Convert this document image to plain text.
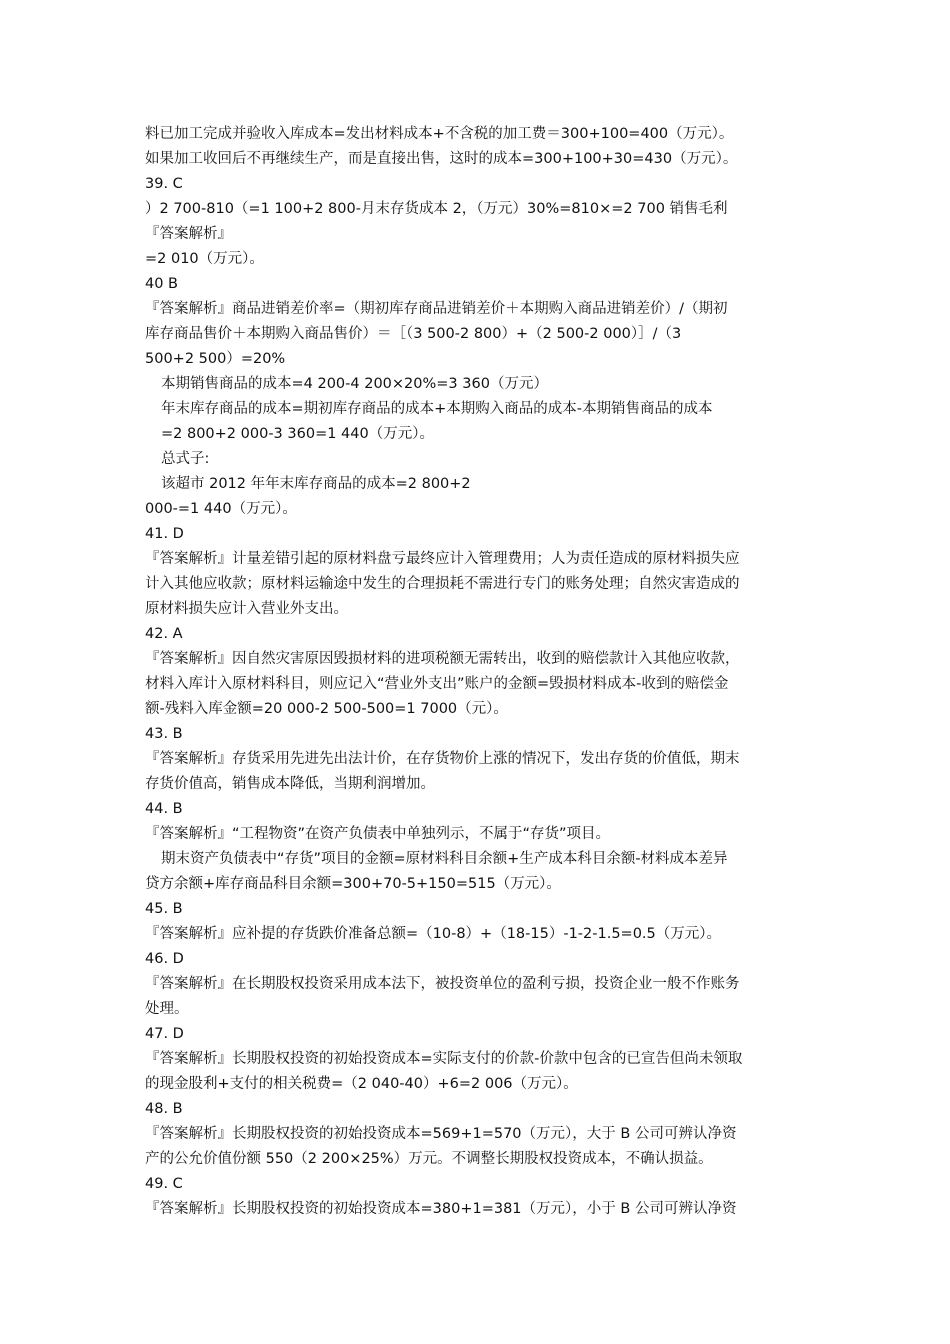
料已加工完成并验收入库成本=发出材料成本+不含税的加工费＝300+100=400（万元）。
如果加工收回后不再继续生产，而是直接出售，这时的成本=300+100+30=430（万元）。
39. C
）2 700-810（=1 100+2 800-月末存货成本 2，（万元）30%=810×=2 700 销售毛利
『答案解析』
=2 010（万元）。
40 B
『答案解析』商品进销差价率=（期初库存商品进销差价＋本期购入商品进销差价）/（期初
库存商品售价＋本期购入商品售价）＝［（3 500-2 800）+（2 500-2 000）］/（3
500+2 500）=20%
本期销售商品的成本=4 200-4 200×20%=3 360（万元）
年末库存商品的成本=期初库存商品的成本+本期购入商品的成本-本期销售商品的成本
=2 800+2 000-3 360=1 440（万元）。
总式子:
该超市 2012 年年末库存商品的成本=2 800+2
000-=1 440（万元）。
41. D
『答案解析』计量差错引起的原材料盘亏最终应计入管理费用；人为责任造成的原材料损失应
计入其他应收款；原材料运输途中发生的合理损耗不需进行专门的账务处理；自然灾害造成的
原材料损失应计入营业外支出。
42. A
『答案解析』因自然灾害原因毁损材料的进项税额无需转出，收到的赔偿款计入其他应收款，
材料入库计入原材料科目，则应记入“营业外支出”账户的金额=毁损材料成本-收到的赔偿金
额-残料入库金额=20 000-2 500-500=1 7000（元）。
43. B
『答案解析』存货采用先进先出法计价，在存货物价上涨的情况下，发出存货的价值低，期末
存货价值高，销售成本降低，当期利润增加。
44. B
『答案解析』“工程物资”在资产负债表中单独列示，不属于“存货”项目。
期末资产负债表中“存货”项目的金额=原材料科目余额+生产成本科目余额-材料成本差异
贷方余额+库存商品科目余额=300+70-5+150=515（万元）。
45. B
『答案解析』应补提的存货跌价准备总额=（10-8）+（18-15）-1-2-1.5=0.5（万元）。
46. D
『答案解析』在长期股权投资采用成本法下，被投资单位的盈利亏损，投资企业一般不作账务
处理。
47. D
『答案解析』长期股权投资的初始投资成本=实际支付的价款-价款中包含的已宣告但尚未领取
的现金股利+支付的相关税费=（2 040-40）+6=2 006（万元）。
48. B
『答案解析』长期股权投资的初始投资成本=569+1=570（万元），大于 B 公司可辨认净资
产的公允价值份额 550（2 200×25%）万元。不调整长期股权投资成本，不确认损益。
49. C
『答案解析』长期股权投资的初始投资成本=380+1=381（万元），小于 B 公司可辨认净资
